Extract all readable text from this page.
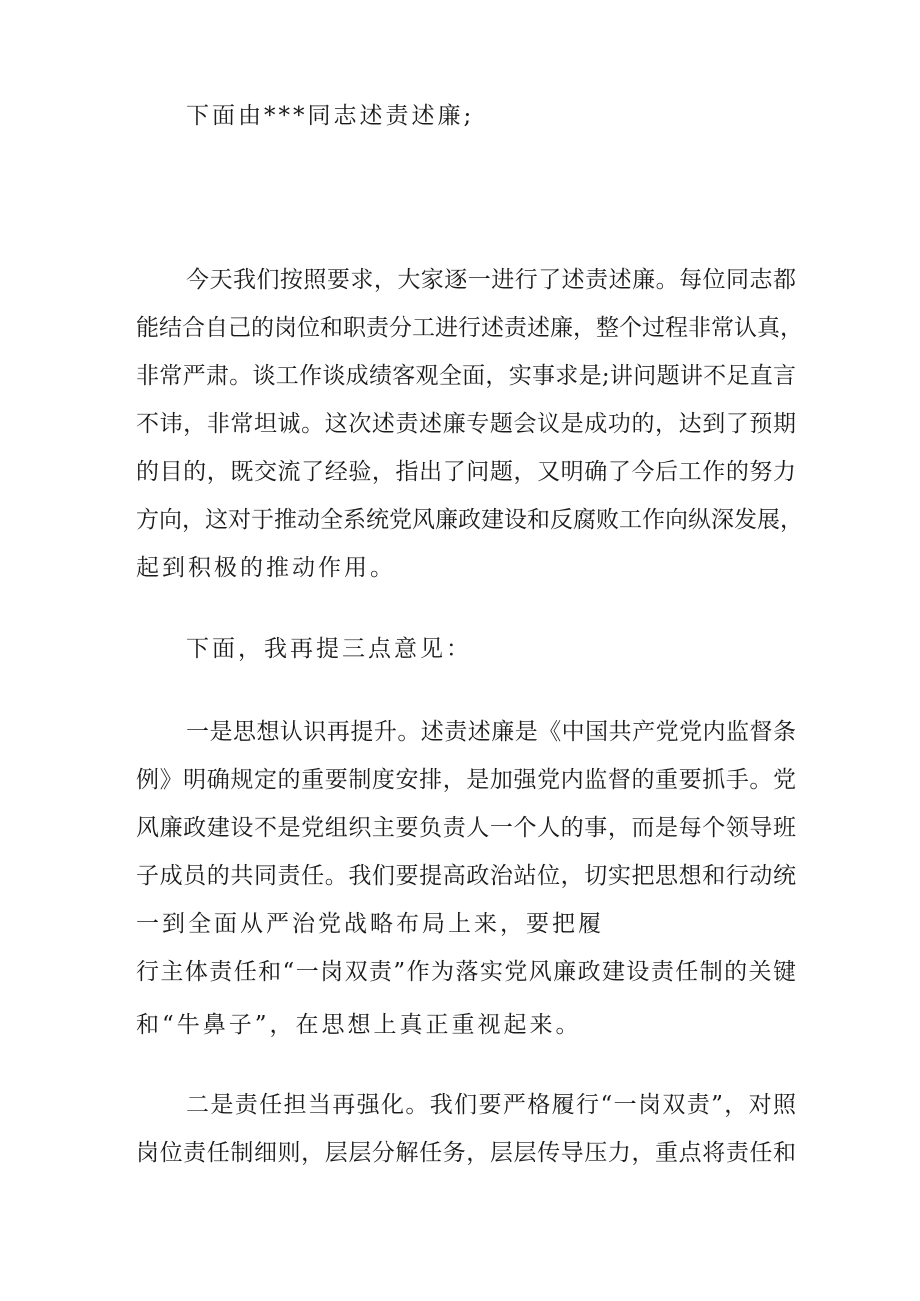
下面由***同志述责述廉;
今天我们按照要求，大家逐一进行了述责述廉。每位同志都
能结合自己的岗位和职责分工进行述责述廉，整个过程非常认真，
非常严肃。谈工作谈成绩客观全面，实事求是;讲问题讲不足直言
不讳，非常坦诚。这次述责述廉专题会议是成功的，达到了预期
的目的，既交流了经验，指出了问题，又明确了今后工作的努力
方向，这对于推动全系统党风廉政建设和反腐败工作向纵深发展，
起到积极的推动作用。
下面，我再提三点意见：
一是思想认识再提升。述责述廉是《中国共产党党内监督条
例》明确规定的重要制度安排，是加强党内监督的重要抓手。党
风廉政建设不是党组织主要负责人一个人的事，而是每个领导班
子成员的共同责任。我们要提高政治站位，切实把思想和行动统
一到全面从严治党战略布局上来，要把履
行主体责任和“一岗双责”作为落实党风廉政建设责任制的关键
和“牛鼻子”，在思想上真正重视起来。
二是责任担当再强化。我们要严格履行“一岗双责”，对照
岗位责任制细则，层层分解任务，层层传导压力，重点将责任和
